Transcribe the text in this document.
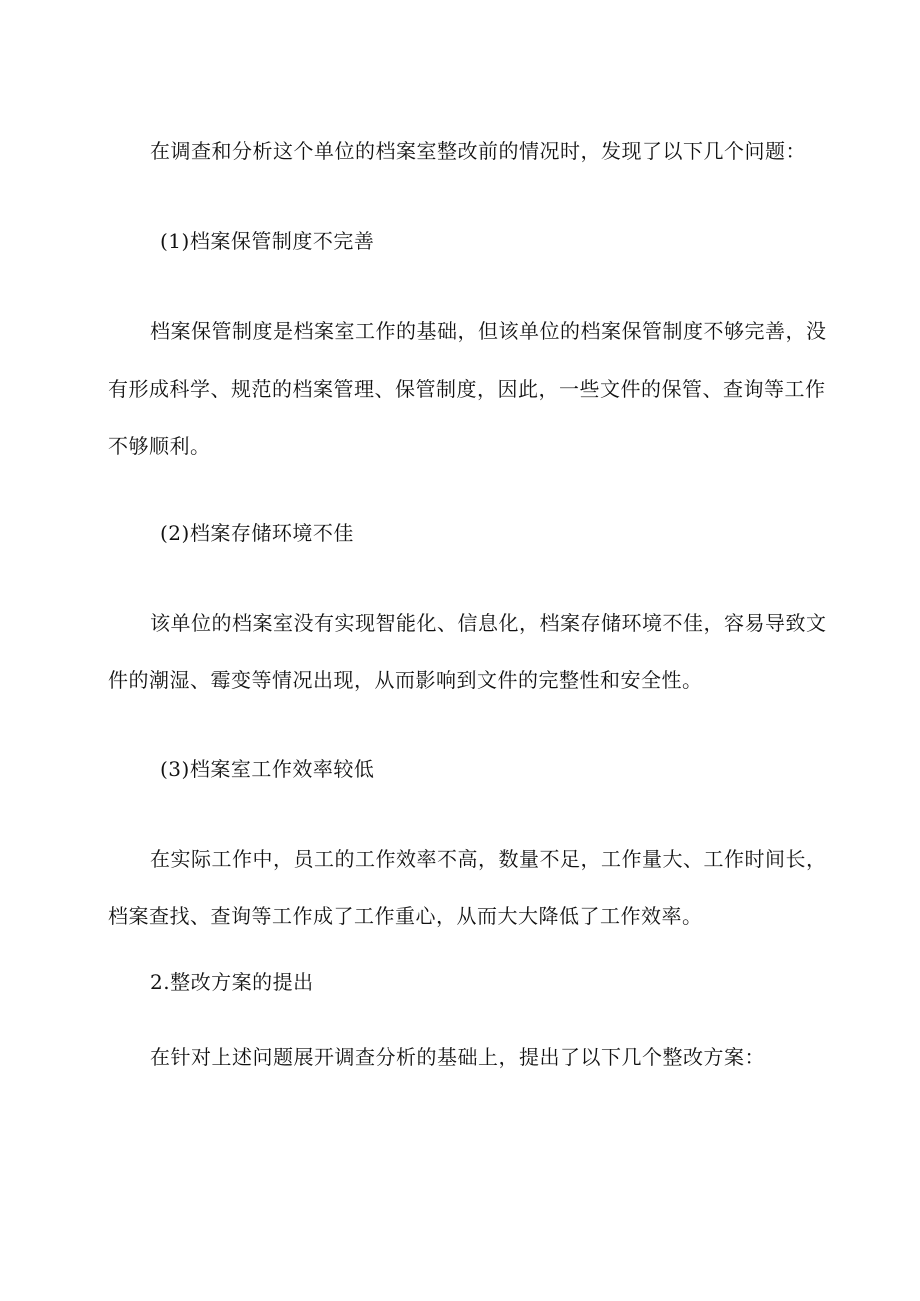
在调查和分析这个单位的档案室整改前的情况时，发现了以下几个问题：

(1)档案保管制度不完善

档案保管制度是档案室工作的基础，但该单位的档案保管制度不够完善，没

有形成科学、规范的档案管理、保管制度，因此，一些文件的保管、查询等工作

不够顺利。

(2)档案存储环境不佳

该单位的档案室没有实现智能化、信息化，档案存储环境不佳，容易导致文

件的潮湿、霉变等情况出现，从而影响到文件的完整性和安全性。

(3)档案室工作效率较低

在实际工作中，员工的工作效率不高，数量不足，工作量大、工作时间长，

档案查找、查询等工作成了工作重心，从而大大降低了工作效率。

2.整改方案的提出

在针对上述问题展开调查分析的基础上，提出了以下几个整改方案：
